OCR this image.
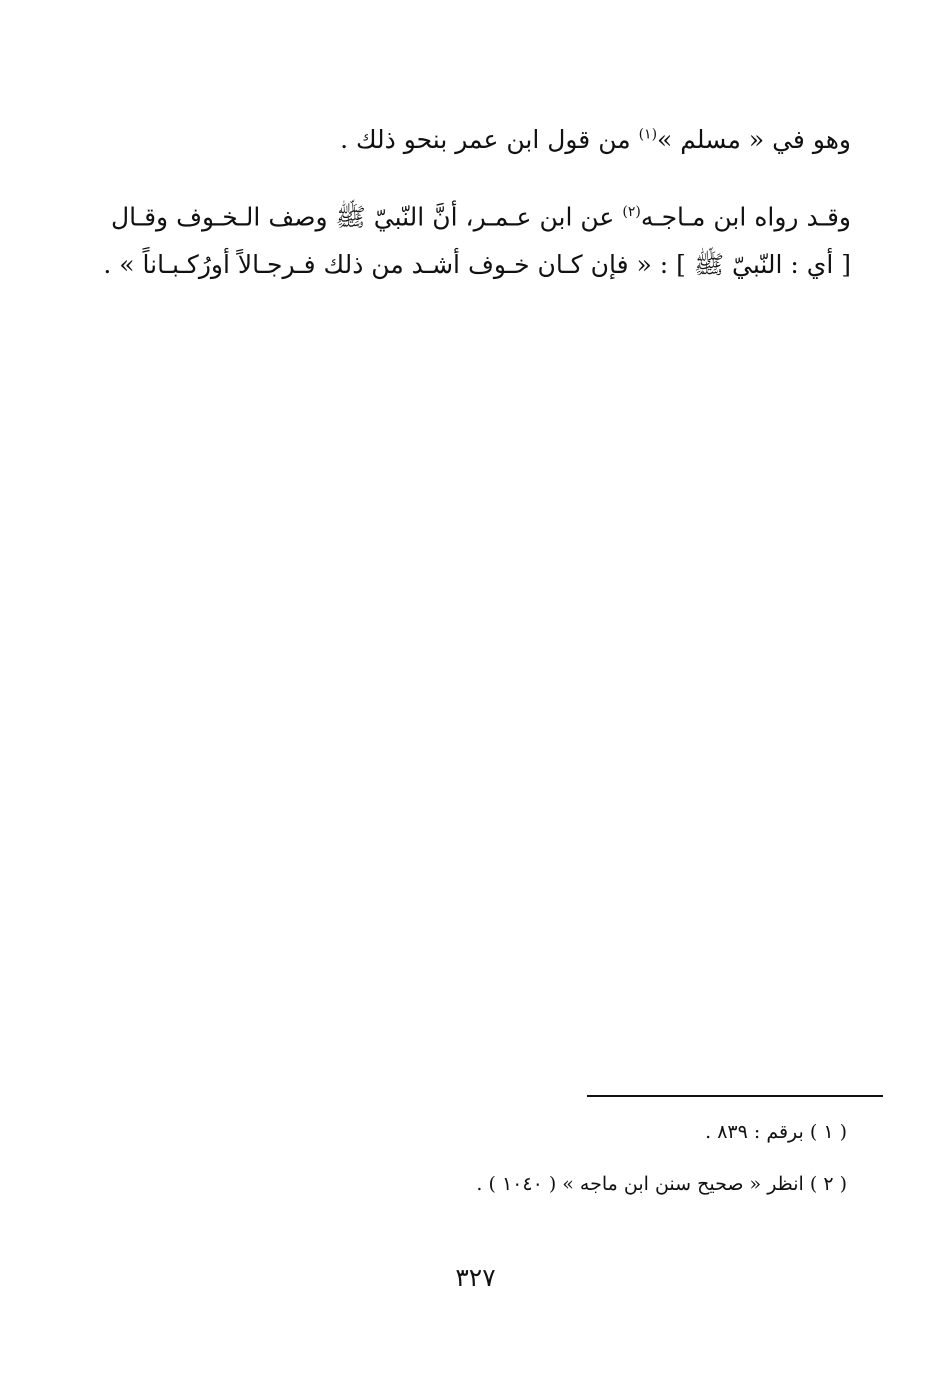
وهو في « مسلم »$^{(١)}$ من قول ابن عمر بنحو ذلك .
وقـد رواه ابن مـاجـه$^{(٢)}$ عن ابن عـمـر، أنَّ النّبيّ ﷺ وصف الـخـوف وقـال
[ أي : النّبيّ ﷺ ] : « فإن كـان خـوف أشـد من ذلك فـرجـالاً أورُكـبـاناً » .
( ١ ) برقم : ٨٣٩ .
( ٢ ) انظر « صحيح سنن ابن ماجه » ( ١٠٤٠ ) .
٣٢٧
